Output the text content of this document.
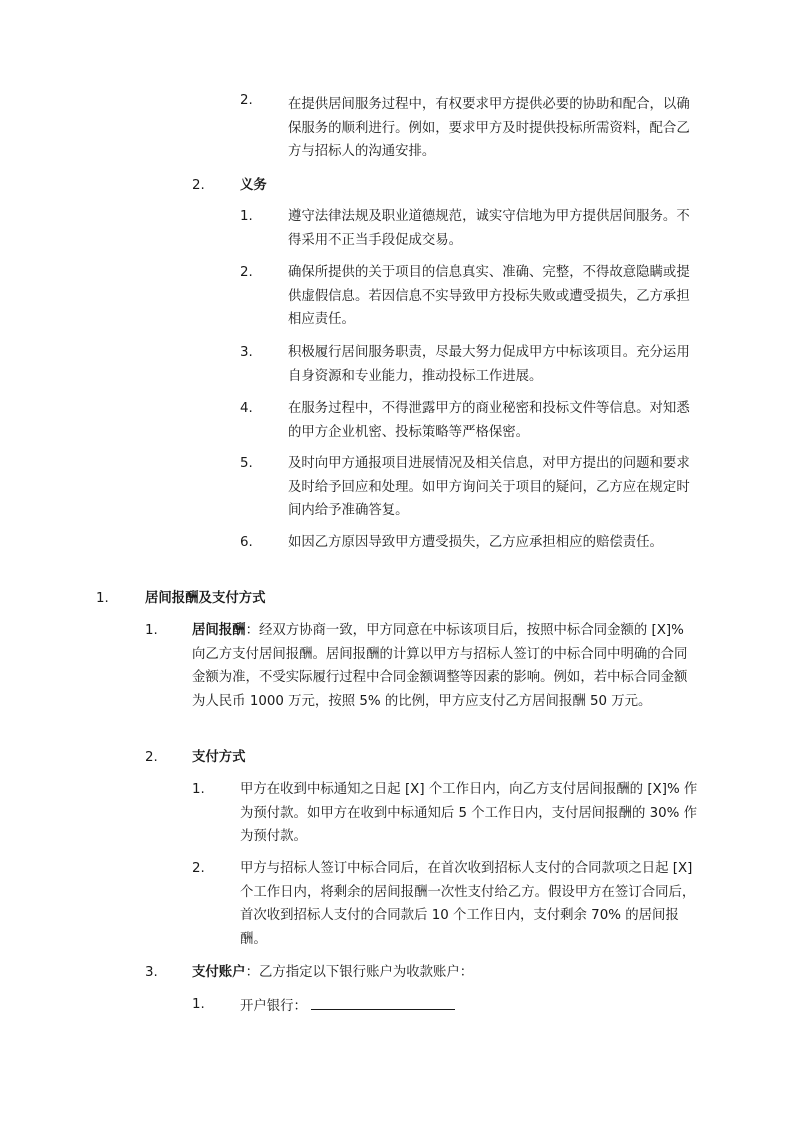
2.	在提供居间服务过程中，有权要求甲方提供必要的协助和配合，以确保服务的顺利进行。例如，要求甲方及时提供投标所需资料，配合乙方与招标人的沟通安排。
2.	义务
1.	遵守法律法规及职业道德规范，诚实守信地为甲方提供居间服务。不得采用不正当手段促成交易。
2.	确保所提供的关于项目的信息真实、准确、完整，不得故意隐瞒或提供虚假信息。若因信息不实导致甲方投标失败或遭受损失，乙方承担相应责任。
3.	积极履行居间服务职责，尽最大努力促成甲方中标该项目。充分运用自身资源和专业能力，推动投标工作进展。
4.	在服务过程中，不得泄露甲方的商业秘密和投标文件等信息。对知悉的甲方企业机密、投标策略等严格保密。
5.	及时向甲方通报项目进展情况及相关信息，对甲方提出的问题和要求及时给予回应和处理。如甲方询问关于项目的疑问，乙方应在规定时间内给予准确答复。
6.	如因乙方原因导致甲方遭受损失，乙方应承担相应的赔偿责任。
1.	居间报酬及支付方式
1.	居间报酬：经双方协商一致，甲方同意在中标该项目后，按照中标合同金额的 [X]% 向乙方支付居间报酬。居间报酬的计算以甲方与招标人签订的中标合同中明确的合同金额为准，不受实际履行过程中合同金额调整等因素的影响。例如，若中标合同金额为人民币 1000 万元，按照 5% 的比例，甲方应支付乙方居间报酬 50 万元。
2.	支付方式
1.	甲方在收到中标通知之日起 [X] 个工作日内，向乙方支付居间报酬的 [X]% 作为预付款。如甲方在收到中标通知后 5 个工作日内，支付居间报酬的 30% 作为预付款。
2.	甲方与招标人签订中标合同后，在首次收到招标人支付的合同款项之日起 [X] 个工作日内，将剩余的居间报酬一次性支付给乙方。假设甲方在签订合同后，首次收到招标人支付的合同款后 10 个工作日内，支付剩余 70% 的居间报酬。
3.	支付账户：乙方指定以下银行账户为收款账户：
1.	开户银行：
